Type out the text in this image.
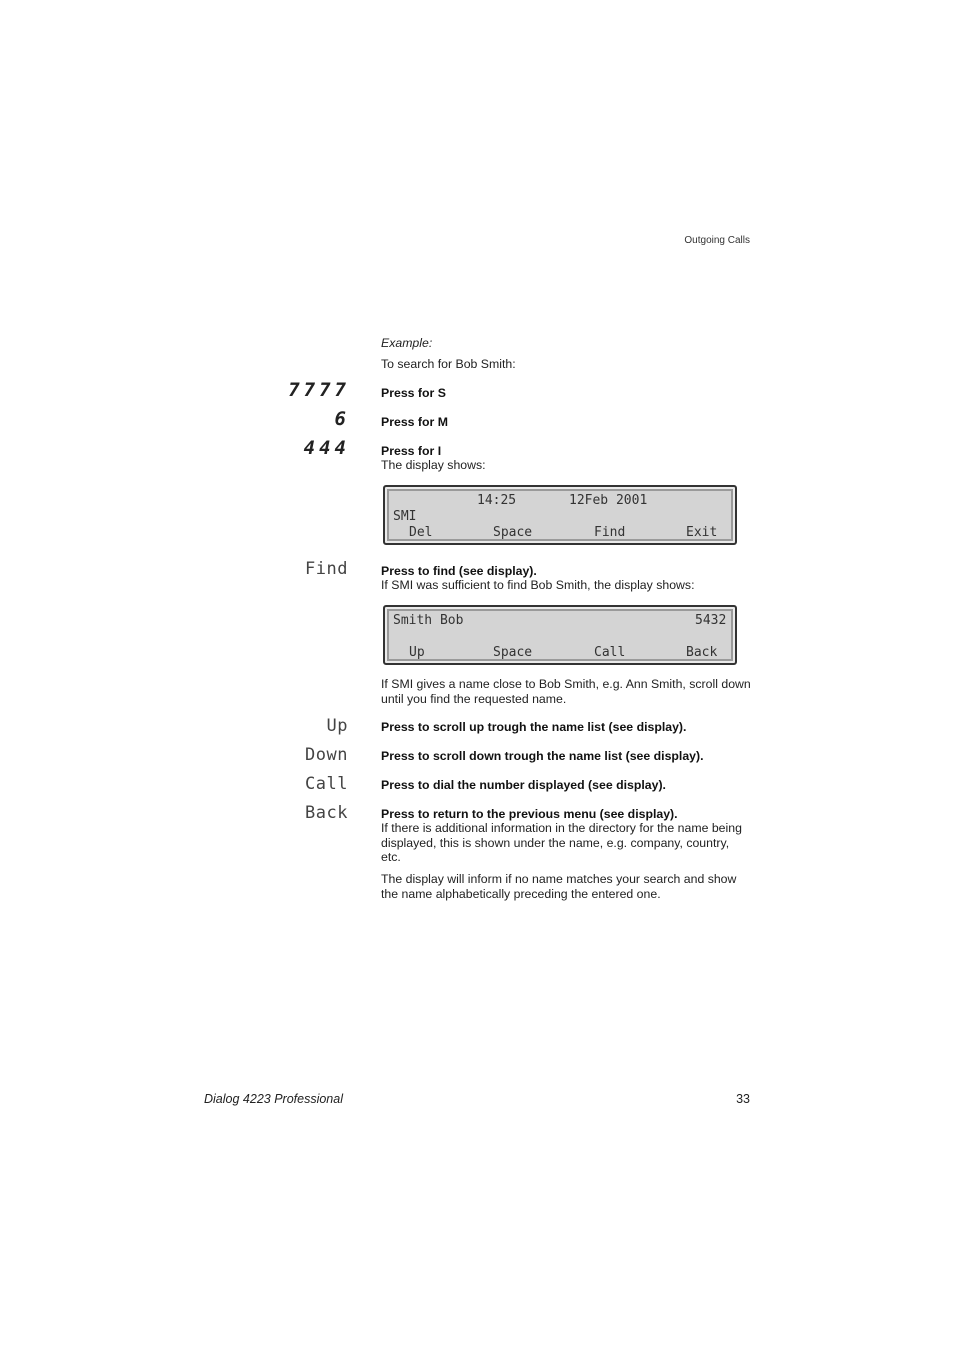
Outgoing Calls
Example:
To search for Bob Smith:
7777	Press for S
6	Press for M
444	Press for I
The display shows:
14:25	12Feb 2001
SMI
Del	Space	Find	Exit
Find	Press to find (see display).
If SMI was sufficient to find Bob Smith, the display shows:
Smith Bob	5432
Up	Space	Call	Back
If SMI gives a name close to Bob Smith, e.g. Ann Smith, scroll down until you find the requested name.
Up	Press to scroll up trough the name list (see display).
Down	Press to scroll down trough the name list (see display).
Call	Press to dial the number displayed (see display).
Back	Press to return to the previous menu (see display).
If there is additional information in the directory for the name being displayed, this is shown under the name, e.g. company, country, etc.
The display will inform if no name matches your search and show the name alphabetically preceding the entered one.
Dialog 4223 Professional	33
